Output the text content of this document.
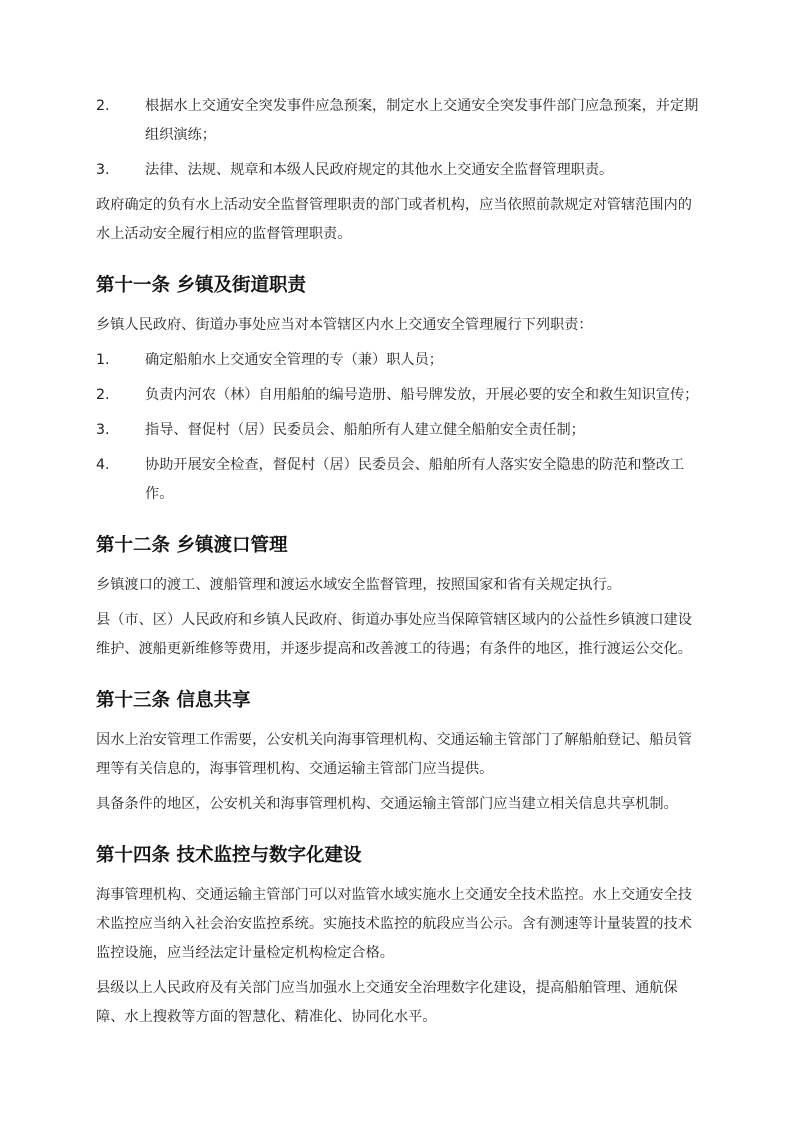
2. 根据水上交通安全突发事件应急预案，制定水上交通安全突发事件部门应急预案，并定期组织演练；
3. 法律、法规、规章和本级人民政府规定的其他水上交通安全监督管理职责。

政府确定的负有水上活动安全监督管理职责的部门或者机构，应当依照前款规定对管辖范围内的水上活动安全履行相应的监督管理职责。

第十一条 乡镇及街道职责

乡镇人民政府、街道办事处应当对本管辖区内水上交通安全管理履行下列职责：

1. 确定船舶水上交通安全管理的专（兼）职人员；
2. 负责内河农（林）自用船舶的编号造册、船号牌发放，开展必要的安全和救生知识宣传；
3. 指导、督促村（居）民委员会、船舶所有人建立健全船舶安全责任制；
4. 协助开展安全检查，督促村（居）民委员会、船舶所有人落实安全隐患的防范和整改工作。
第十二条 乡镇渡口管理

乡镇渡口的渡工、渡船管理和渡运水域安全监督管理，按照国家和省有关规定执行。

县（市、区）人民政府和乡镇人民政府、街道办事处应当保障管辖区域内的公益性乡镇渡口建设维护、渡船更新维修等费用，并逐步提高和改善渡工的待遇；有条件的地区，推行渡运公交化。

第十三条 信息共享

因水上治安管理工作需要，公安机关向海事管理机构、交通运输主管部门了解船舶登记、船员管理等有关信息的，海事管理机构、交通运输主管部门应当提供。

具备条件的地区，公安机关和海事管理机构、交通运输主管部门应当建立相关信息共享机制。

第十四条 技术监控与数字化建设

海事管理机构、交通运输主管部门可以对监管水域实施水上交通安全技术监控。水上交通安全技术监控应当纳入社会治安监控系统。实施技术监控的航段应当公示。含有测速等计量装置的技术监控设施，应当经法定计量检定机构检定合格。

县级以上人民政府及有关部门应当加强水上交通安全治理数字化建设，提高船舶管理、通航保障、水上搜救等方面的智慧化、精准化、协同化水平。
